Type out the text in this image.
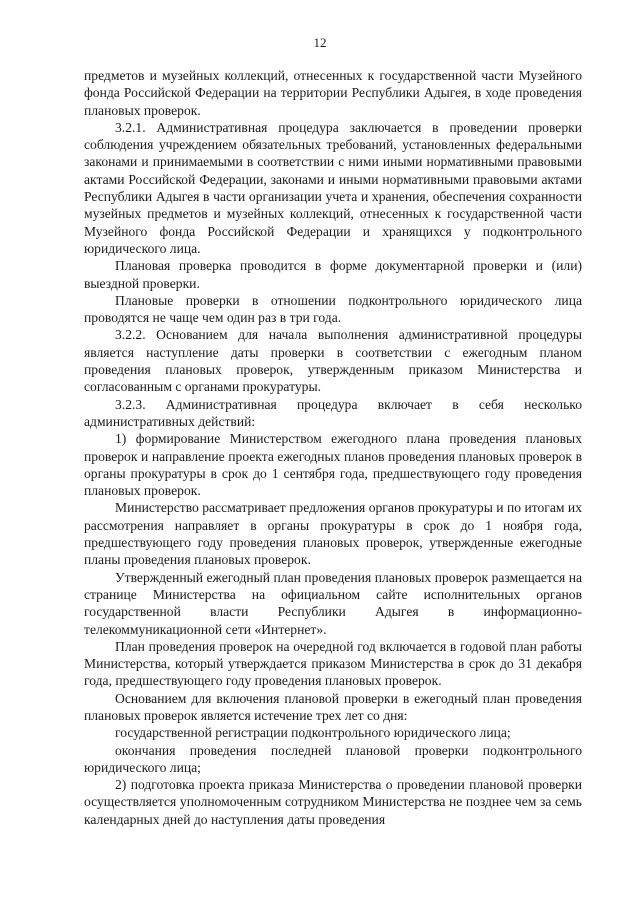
12

предметов и музейных коллекций, отнесенных к государственной части Музейного фонда Российской Федерации на территории Республики Адыгея, в ходе проведения плановых проверок.

3.2.1. Административная процедура заключается в проведении проверки соблюдения учреждением обязательных требований, установленных федеральными законами и принимаемыми в соответствии с ними иными нормативными правовыми актами Российской Федерации, законами и иными нормативными правовыми актами Республики Адыгея в части организации учета и хранения, обеспечения сохранности музейных предметов и музейных коллекций, отнесенных к государственной части Музейного фонда Российской Федерации и хранящихся у подконтрольного юридического лица.

Плановая проверка проводится в форме документарной проверки и (или) выездной проверки.

Плановые проверки в отношении подконтрольного юридического лица проводятся не чаще чем один раз в три года.

3.2.2. Основанием для начала выполнения административной процедуры является наступление даты проверки в соответствии с ежегодным планом проведения плановых проверок, утвержденным приказом Министерства и согласованным с органами прокуратуры.

3.2.3. Административная процедура включает в себя несколько административных действий:

1) формирование Министерством ежегодного плана проведения плановых проверок и направление проекта ежегодных планов проведения плановых проверок в органы прокуратуры в срок до 1 сентября года, предшествующего году проведения плановых проверок.

Министерство рассматривает предложения органов прокуратуры и по итогам их рассмотрения направляет в органы прокуратуры в срок до 1 ноября года, предшествующего году проведения плановых проверок, утвержденные ежегодные планы проведения плановых проверок.

Утвержденный ежегодный план проведения плановых проверок размещается на странице Министерства на официальном сайте исполнительных органов государственной власти Республики Адыгея в информационно-телекоммуникационной сети «Интернет».

План проведения проверок на очередной год включается в годовой план работы Министерства, который утверждается приказом Министерства в срок до 31 декабря года, предшествующего году проведения плановых проверок.

Основанием для включения плановой проверки в ежегодный план проведения плановых проверок является истечение трех лет со дня:

государственной регистрации подконтрольного юридического лица;

окончания проведения последней плановой проверки подконтрольного юридического лица;

2) подготовка проекта приказа Министерства о проведении плановой проверки осуществляется уполномоченным сотрудником Министерства не позднее чем за семь календарных дней до наступления даты проведения
